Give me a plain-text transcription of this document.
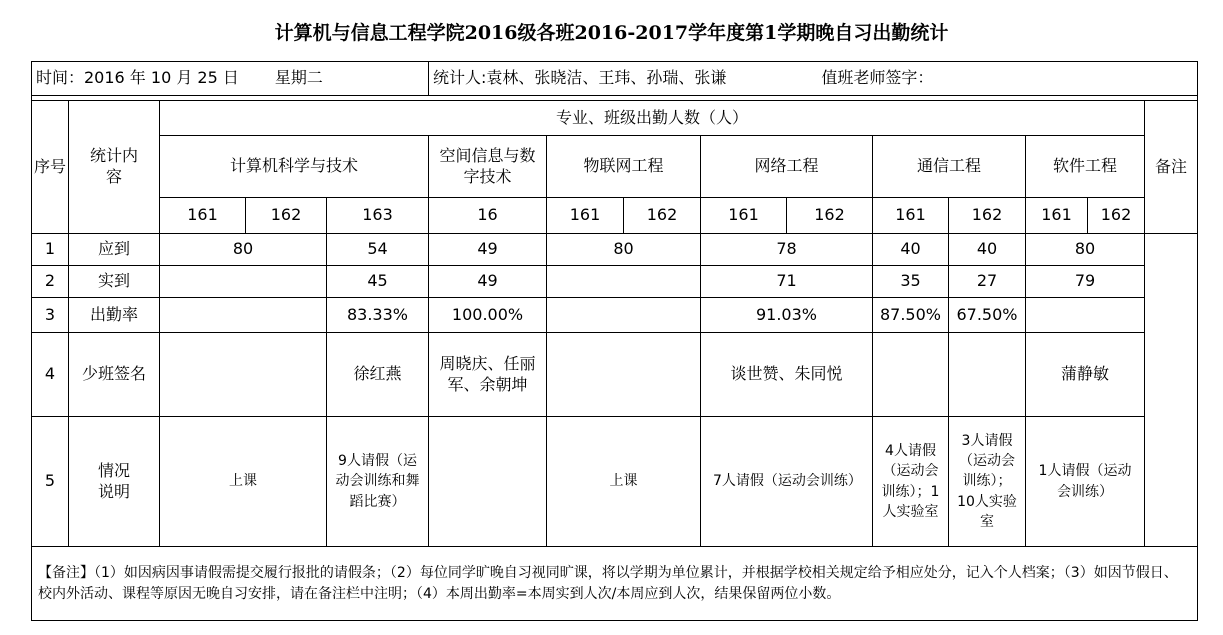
计算机与信息工程学院2016级各班2016-2017学年度第1学期晚自习出勤统计
时间：2016 年 10 月 25 日 星期二					统计人:袁林、张晓洁、王玮、孙瑞、张谦 值班老师签字：									

序号	统计内容	专业、班级出勤人数（人）												备注
		计算机科学与技术			空间信息与数字技术	物联网工程		网络工程		通信工程		软件工程		
		161	162	163	16	161	162	161	162	161	162	161	162	
1	应到	80		54	49	80		78		40	40	80		
2	实到			45	49			71		35	27	79		
3	出勤率			83.33%	100.00%			91.03%		87.50%	67.50%			
4	少班签名			徐红燕	周晓庆、任丽军、余朝坤			谈世赞、朱同悦				蒲静敏		
5	情况说明	上课		9人请假（运动会训练和舞蹈比赛）		上课		7人请假（运动会训练）		4人请假（运动会训练）；1人实验室	3人请假（运动会训练）；10人实验室	1人请假（运动会训练）		

【备注】（1）如因病因事请假需提交履行报批的请假条；（2）每位同学旷晚自习视同旷课，将以学期为单位累计，并根据学校相关规定给予相应处分，记入个人档案；（3）如因节假日、校内外活动、课程等原因无晚自习安排，请在备注栏中注明；（4）本周出勤率=本周实到人次/本周应到人次，结果保留两位小数。														
